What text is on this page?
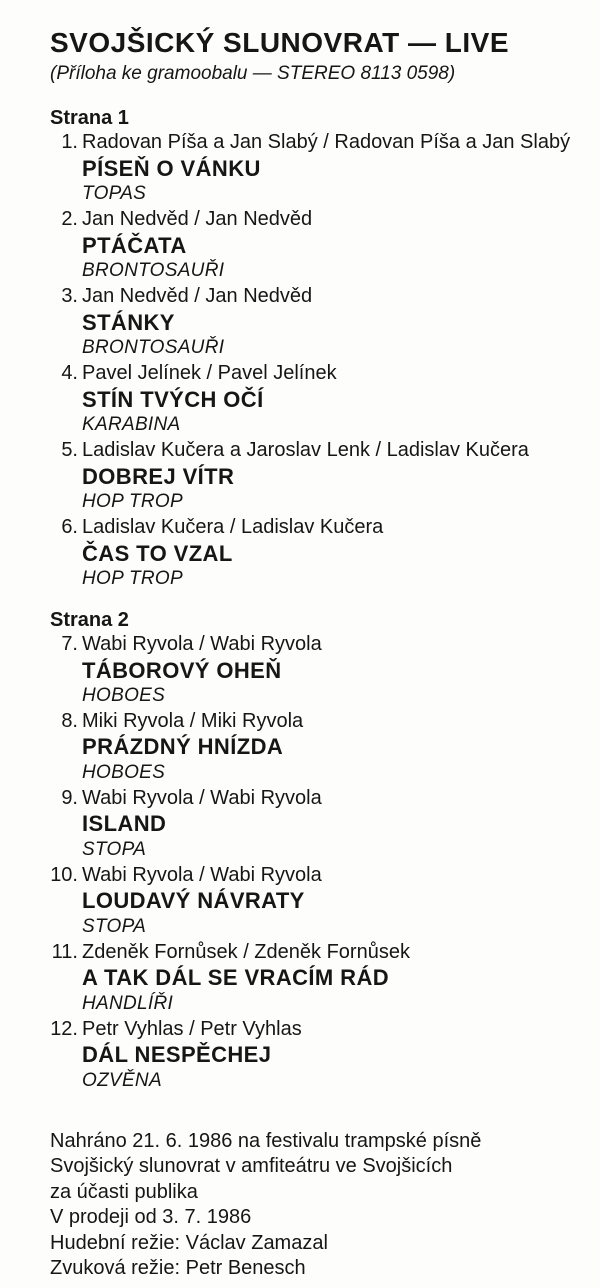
SVOJŠICKÝ SLUNOVRAT — LIVE
(Příloha ke gramoobalu — STEREO 8113 0598)
Strana 1
1. Radovan Píša a Jan Slabý / Radovan Píša a Jan Slabý
PÍSEŇ O VÁNKU
TOPAS
2. Jan Nedvěd / Jan Nedvěd
PTÁČATA
BRONTOSAUŘI
3. Jan Nedvěd / Jan Nedvěd
STÁNKY
BRONTOSAUŘI
4. Pavel Jelínek / Pavel Jelínek
STÍN TVÝCH OČÍ
KARABINA
5. Ladislav Kučera a Jaroslav Lenk / Ladislav Kučera
DOBREJ VÍTR
HOP TROP
6. Ladislav Kučera / Ladislav Kučera
ČAS TO VZAL
HOP TROP
Strana 2
7. Wabi Ryvola / Wabi Ryvola
TÁBOROVÝ OHEŇ
HOBOES
8. Miki Ryvola / Miki Ryvola
PRÁZDNÝ HNÍZDA
HOBOES
9. Wabi Ryvola / Wabi Ryvola
ISLAND
STOPA
10. Wabi Ryvola / Wabi Ryvola
LOUDAVÝ NÁVRATY
STOPA
11. Zdeněk Fornůsek / Zdeněk Fornůsek
A TAK DÁL SE VRACÍM RÁD
HANDLÍŘI
12. Petr Vyhlas / Petr Vyhlas
DÁL NESPĚCHEJ
OZVĚNA
Nahráno 21. 6. 1986 na festivalu trampské písně
Svojšický slunovrat v amfiteátru ve Svojšicích
za účasti publika
V prodeji od 3. 7. 1986
Hudební režie: Václav Zamazal
Zvuková režie: Petr Benesch
